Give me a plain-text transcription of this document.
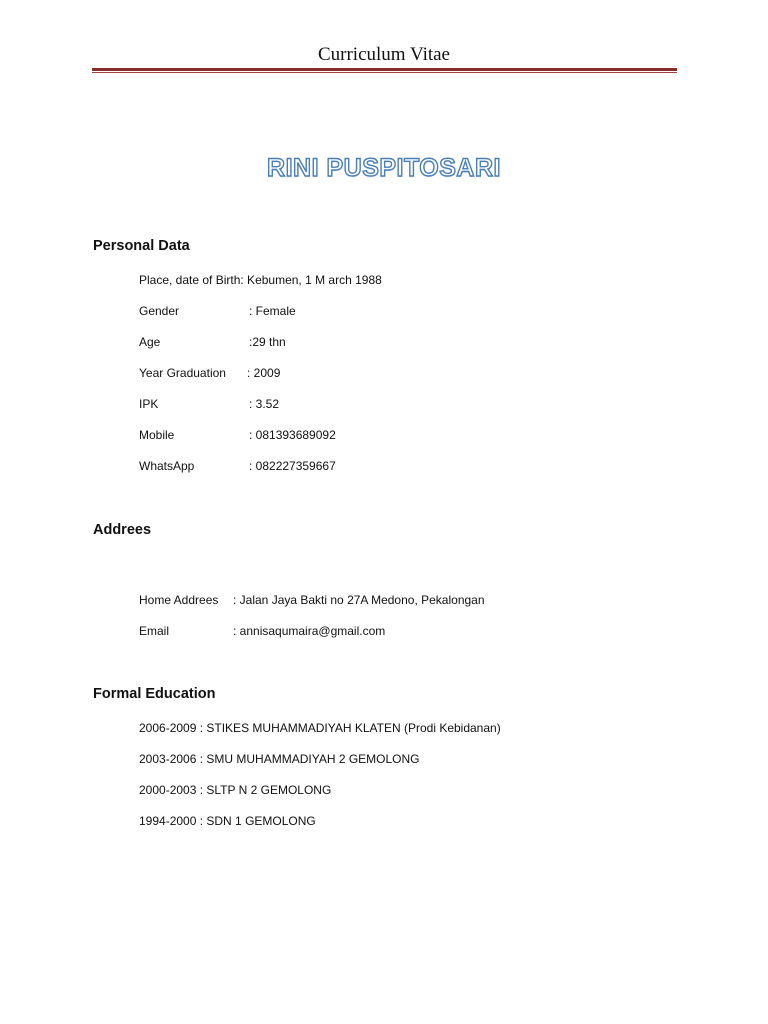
Curriculum Vitae
RINI PUSPITOSARI
Personal Data
Place, date of Birth: Kebumen, 1 M arch 1988
Gender	: Female
Age	:29 thn
Year Graduation : 2009
IPK	: 3.52
Mobile	: 081393689092
WhatsApp	: 082227359667
Addrees
Home Addrees : Jalan Jaya Bakti no 27A Medono, Pekalongan
Email	: annisaqumaira@gmail.com
Formal Education
2006-2009 : STIKES MUHAMMADIYAH KLATEN (Prodi Kebidanan)
2003-2006 : SMU MUHAMMADIYAH 2 GEMOLONG
2000-2003 : SLTP N 2 GEMOLONG
1994-2000 : SDN 1 GEMOLONG
